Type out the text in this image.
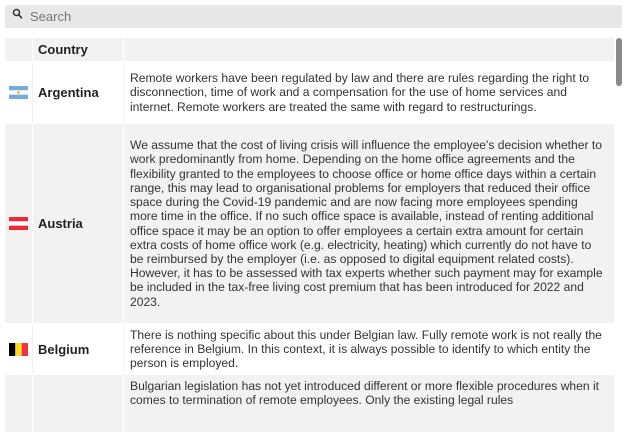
Search
Country
Argentina
Remote workers have been regulated by law and there are rules regarding the right to disconnection, time of work and a compensation for the use of home services and internet. Remote workers are treated the same with regard to restructurings.
Austria
We assume that the cost of living crisis will influence the employee's decision whether to work predominantly from home. Depending on the home office agreements and the flexibility granted to the employees to choose office or home office days within a certain range, this may lead to organisational problems for employers that reduced their office space during the Covid-19 pandemic and are now facing more employees spending more time in the office. If no such office space is available, instead of renting additional office space it may be an option to offer employees a certain extra amount for certain extra costs of home office work (e.g. electricity, heating) which currently do not have to be reimbursed by the employer (i.e. as opposed to digital equipment related costs). However, it has to be assessed with tax experts whether such payment may for example be included in the tax-free living cost premium that has been introduced for 2022 and 2023.
Belgium
There is nothing specific about this under Belgian law. Fully remote work is not really the reference in Belgium. In this context, it is always possible to identify to which entity the person is employed.
Bulgarian legislation has not yet introduced different or more flexible procedures when it comes to termination of remote employees. Only the existing legal rules
